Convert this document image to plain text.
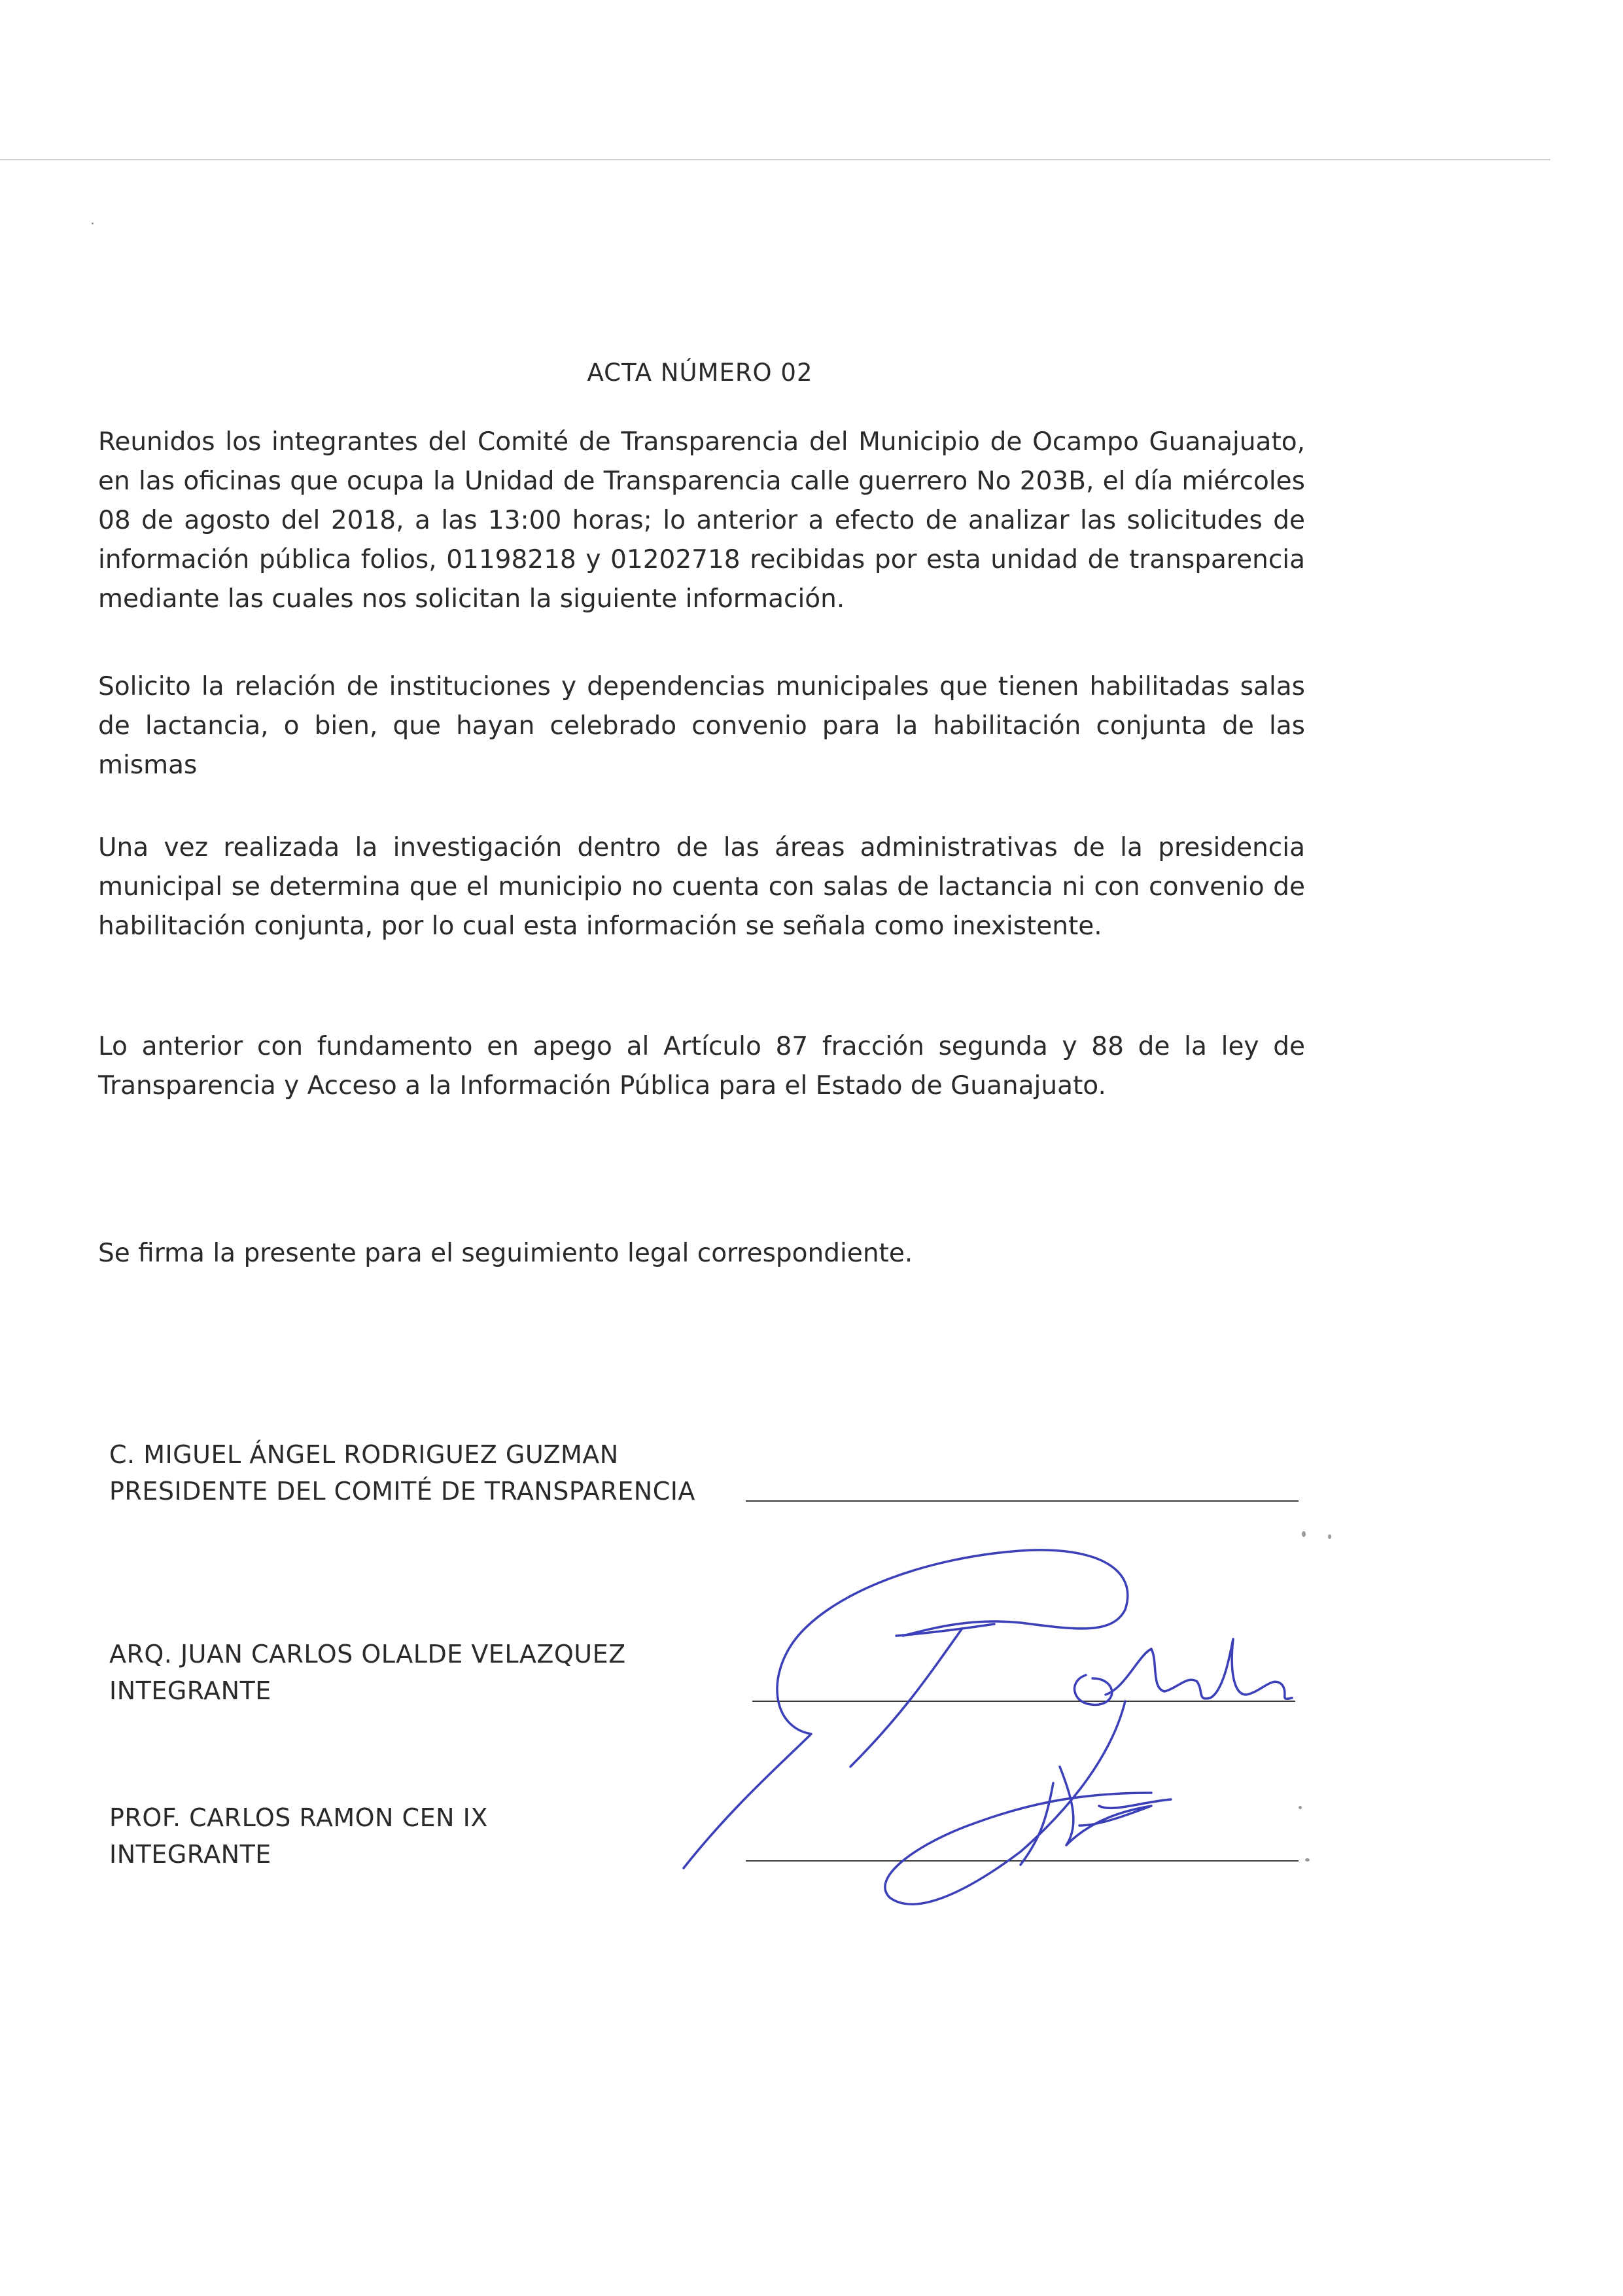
ACTA NÚMERO 02

Reunidos los integrantes del Comité de Transparencia del Municipio de Ocampo Guanajuato, en las oficinas que ocupa la Unidad de Transparencia calle guerrero No 203B, el día miércoles 08 de agosto del 2018, a las 13:00 horas; lo anterior a efecto de analizar las solicitudes de información pública folios, 01198218 y 01202718 recibidas por esta unidad de transparencia mediante las cuales nos solicitan la siguiente información.

Solicito la relación de instituciones y dependencias municipales que tienen habilitadas salas de lactancia, o bien, que hayan celebrado convenio para la habilitación conjunta de las mismas

Una vez realizada la investigación dentro de las áreas administrativas de la presidencia municipal se determina que el municipio no cuenta con salas de lactancia ni con convenio de habilitación conjunta, por lo cual esta información se señala como inexistente.

Lo anterior con fundamento en apego al Artículo 87 fracción segunda y 88 de la ley de Transparencia y Acceso a la Información Pública para el Estado de Guanajuato.

Se firma la presente para el seguimiento legal correspondiente.

C. MIGUEL ÁNGEL RODRIGUEZ GUZMAN
PRESIDENTE DEL COMITÉ DE TRANSPARENCIA
ARQ. JUAN CARLOS OLALDE VELAZQUEZ
INTEGRANTE
PROF. CARLOS RAMON CEN IX
INTEGRANTE
